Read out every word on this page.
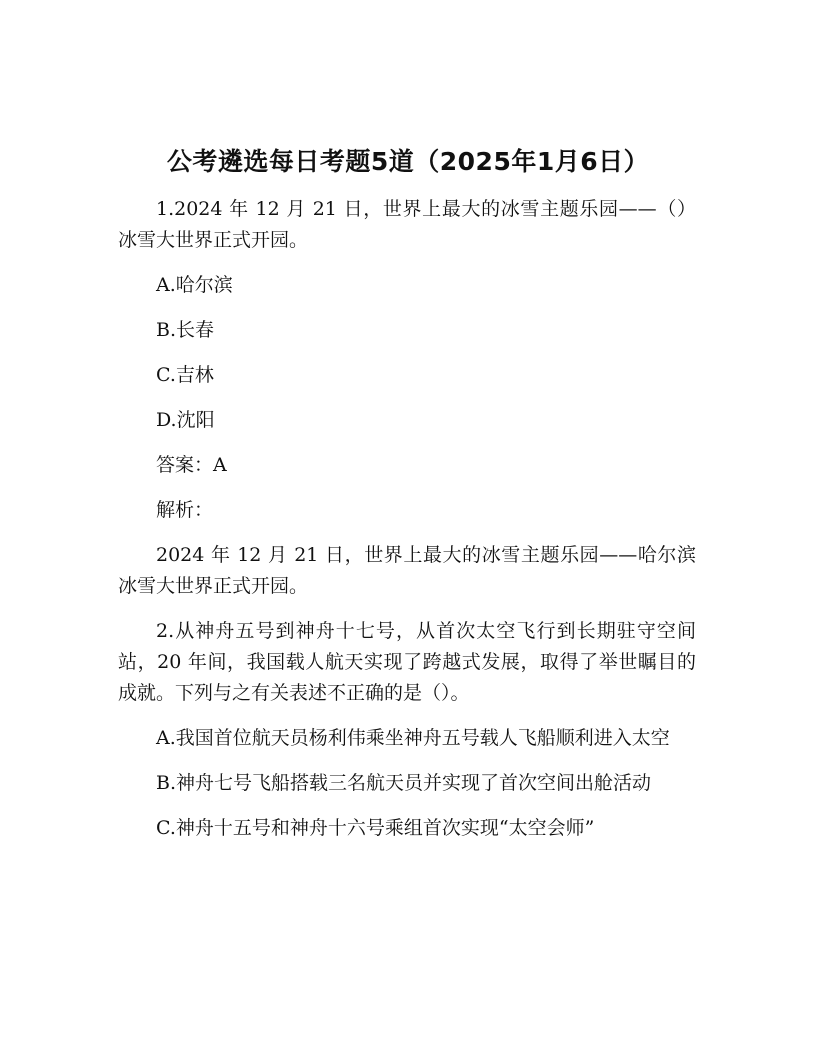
公考遴选每日考题5道（2025年1月6日）

1.2024 年 12 月 21 日，世界上最大的冰雪主题乐园——（）冰雪大世界正式开园。

A.哈尔滨

B.长春

C.吉林

D.沈阳

答案：A

解析：

2024 年 12 月 21 日，世界上最大的冰雪主题乐园——哈尔滨冰雪大世界正式开园。

2.从神舟五号到神舟十七号，从首次太空飞行到长期驻守空间站，20 年间，我国载人航天实现了跨越式发展，取得了举世瞩目的成就。下列与之有关表述不正确的是（）。

A.我国首位航天员杨利伟乘坐神舟五号载人飞船顺利进入太空

B.神舟七号飞船搭载三名航天员并实现了首次空间出舱活动

C.神舟十五号和神舟十六号乘组首次实现“太空会师”
